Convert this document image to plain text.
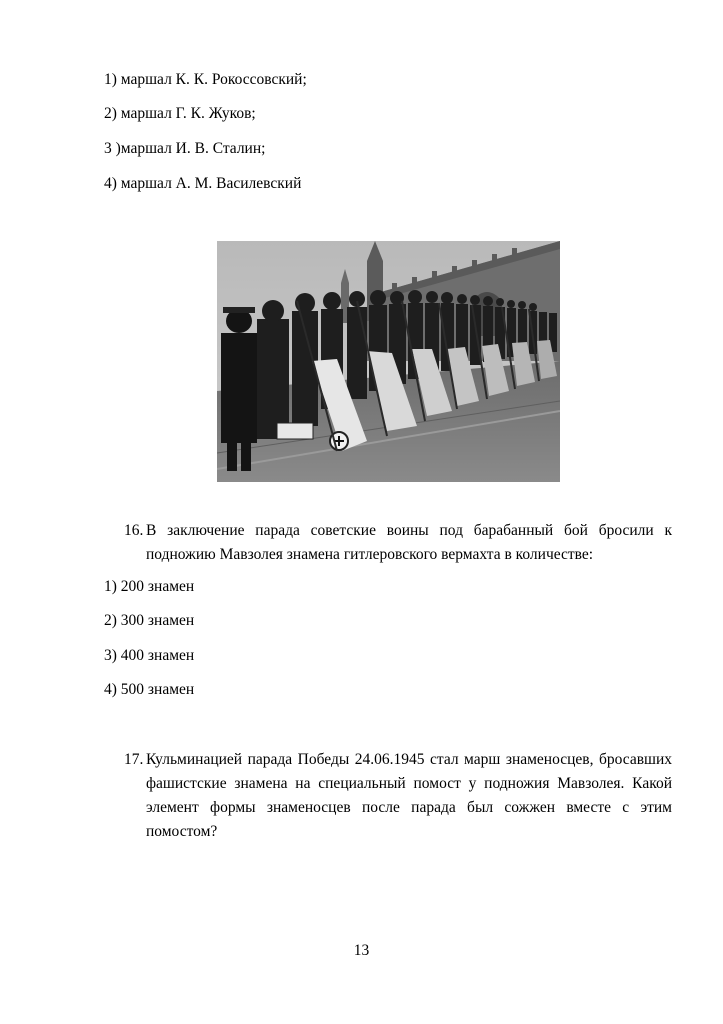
1) маршал К. К. Рокоссовский;
2) маршал Г. К. Жуков;
3 )маршал И. В. Сталин;
4) маршал А. М. Василевский
16. В заключение парада советские воины под барабанный бой бросили к подножию Мавзолея знамена гитлеровского вермахта в количестве:
1) 200 знамен
2) 300 знамен
3) 400 знамен
4) 500 знамен
17. Кульминацией парада Победы 24.06.1945 стал марш знаменосцев, бросавших фашистские знамена на специальный помост у подножия Мавзолея. Какой элемент формы знаменосцев после парада был сожжен вместе с этим помостом?
13
